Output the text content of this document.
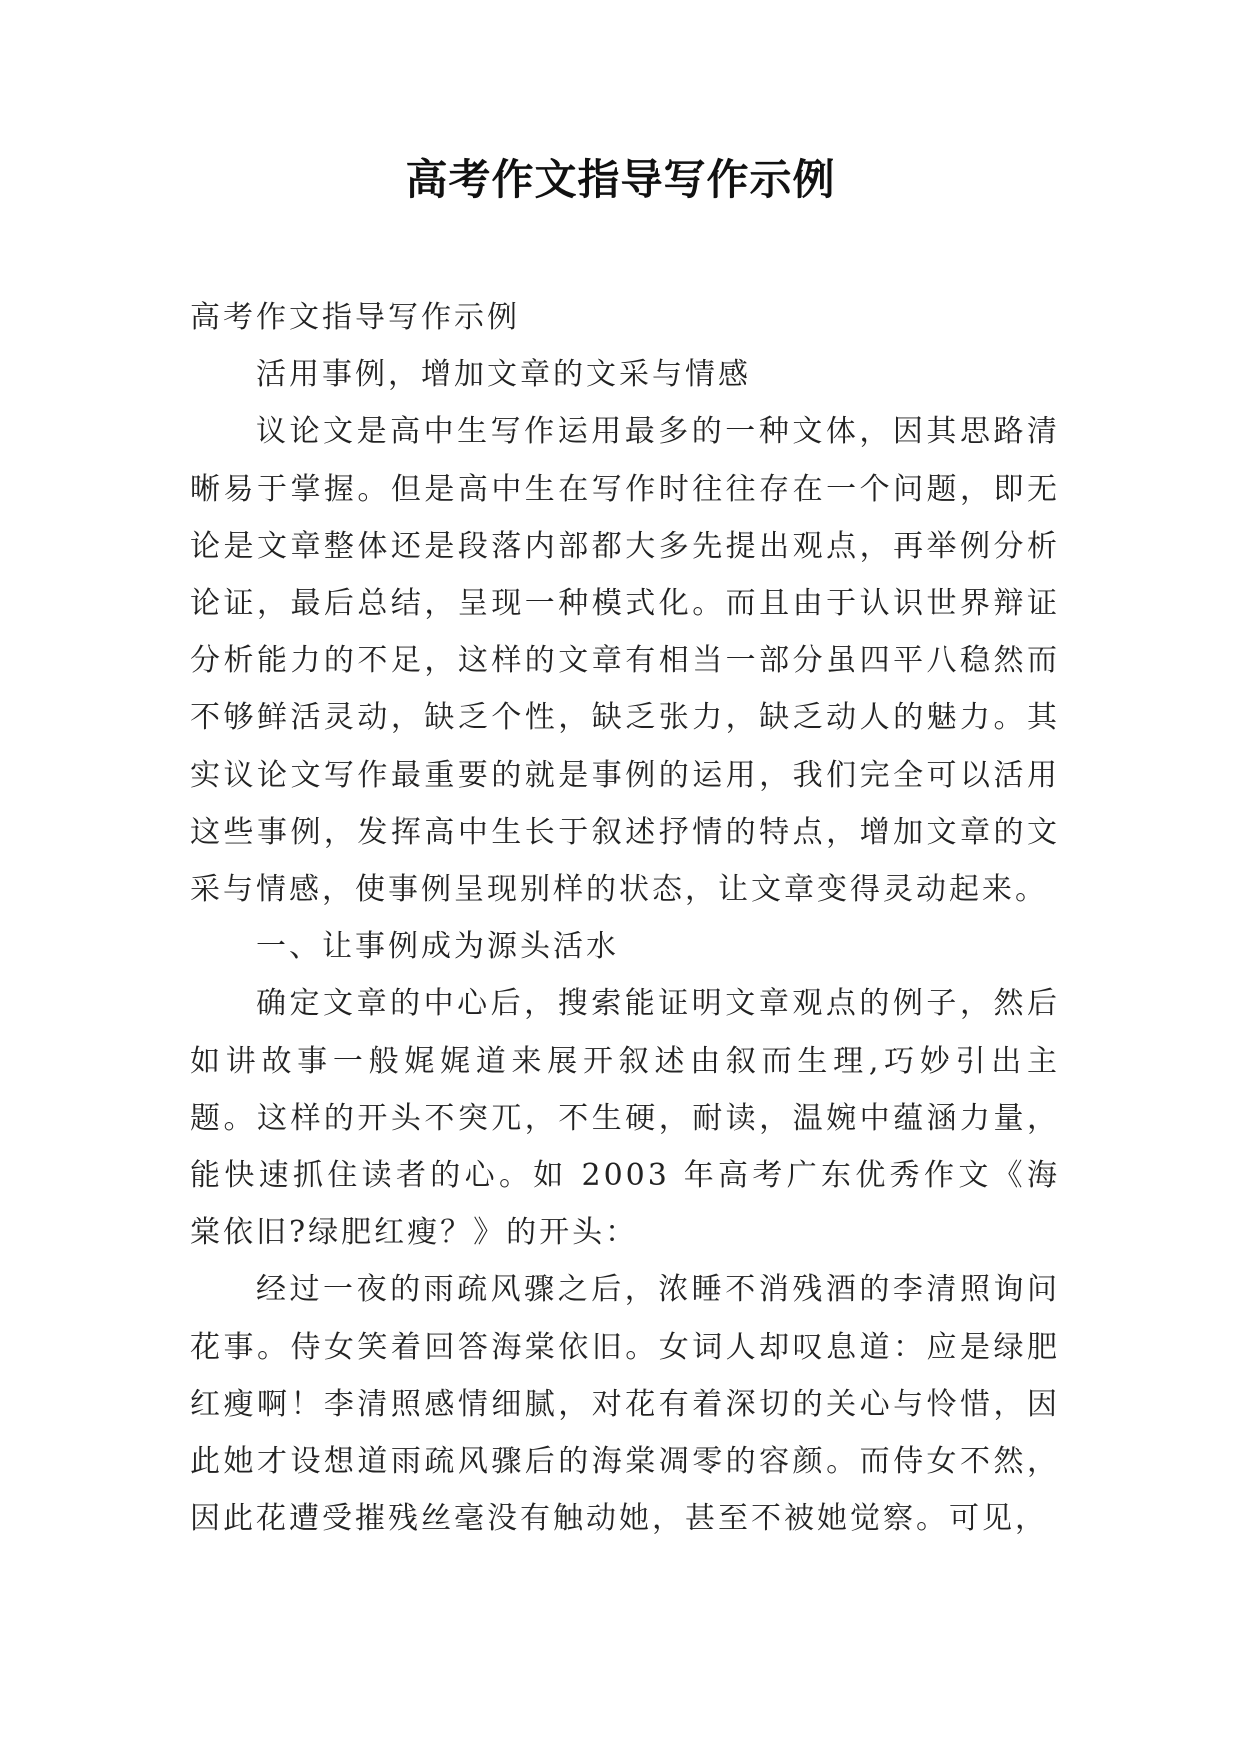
高考作文指导写作示例

高考作文指导写作示例

活用事例，增加文章的文采与情感

议论文是高中生写作运用最多的一种文体，因其思路清晰易于掌握。但是高中生在写作时往往存在一个问题，即无论是文章整体还是段落内部都大多先提出观点，再举例分析论证，最后总结，呈现一种模式化。而且由于认识世界辩证分析能力的不足，这样的文章有相当一部分虽四平八稳然而不够鲜活灵动，缺乏个性，缺乏张力，缺乏动人的魅力。其实议论文写作最重要的就是事例的运用，我们完全可以活用这些事例，发挥高中生长于叙述抒情的特点，增加文章的文采与情感，使事例呈现别样的状态，让文章变得灵动起来。

一、让事例成为源头活水

确定文章的中心后，搜索能证明文章观点的例子，然后如讲故事一般娓娓道来展开叙述由叙而生理,巧妙引出主题。这样的开头不突兀，不生硬，耐读，温婉中蕴涵力量，能快速抓住读者的心。如 2003 年高考广东优秀作文《海棠依旧?绿肥红瘦？》的开头：

经过一夜的雨疏风骤之后，浓睡不消残酒的李清照询问花事。侍女笑着回答海棠依旧。女词人却叹息道：应是绿肥红瘦啊！李清照感情细腻，对花有着深切的关心与怜惜，因此她才设想道雨疏风骤后的海棠凋零的容颜。而侍女不然，因此花遭受摧残丝毫没有触动她，甚至不被她觉察。可见，
